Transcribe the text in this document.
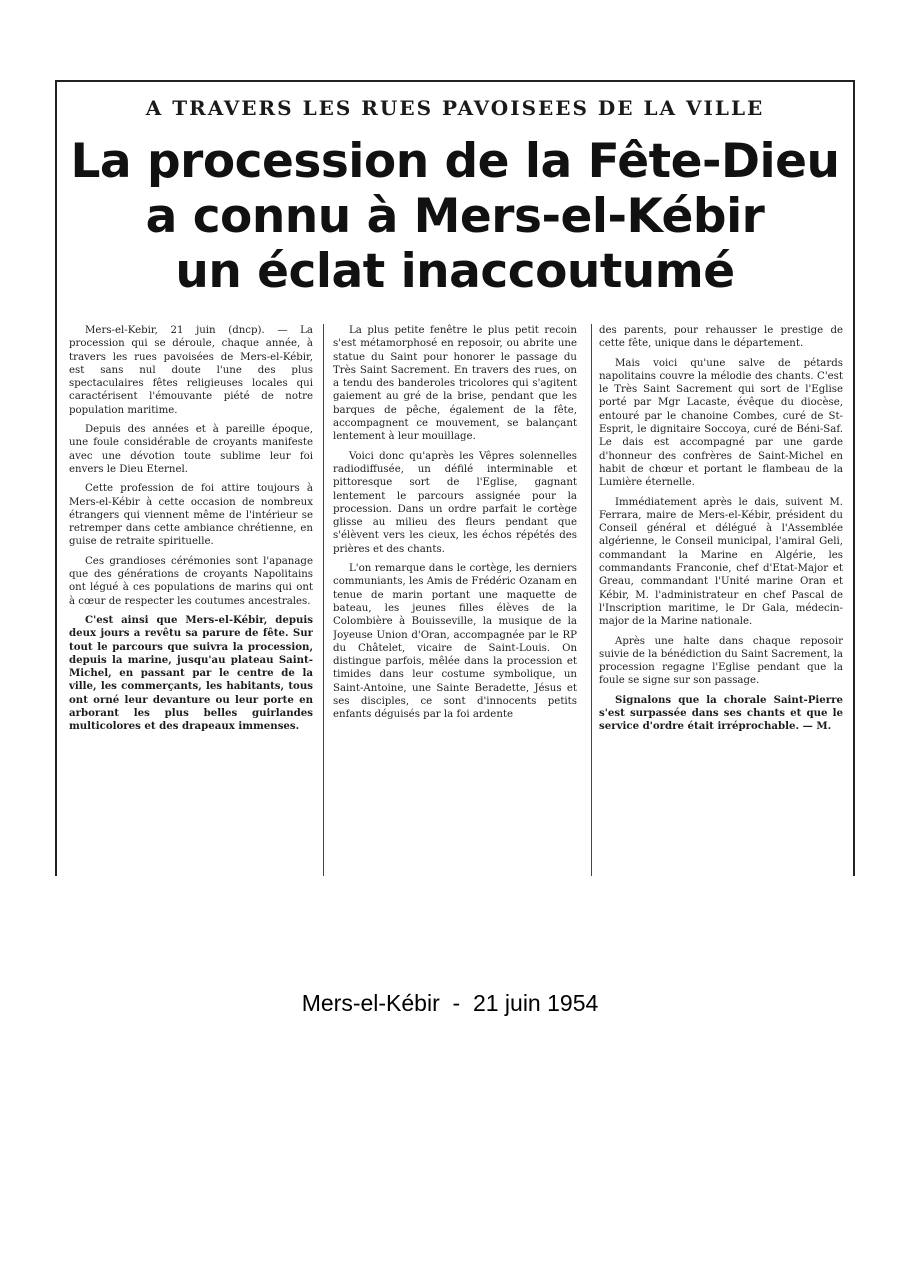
A TRAVERS LES RUES PAVOISEES DE LA VILLE
La procession de la Fête-Dieu
a connu à Mers-el-Kébir
un éclat inaccoutumé

Mers-el-Kebir, 21 juin (dncp). — La procession qui se déroule, chaque année, à travers les rues pavoisées de Mers-el-Kébir, est sans nul doute l'une des plus spectaculaires fêtes religieuses locales qui caractérisent l'émouvante piété de notre population maritime.

Depuis des années et à pareille époque, une foule considérable de croyants manifeste avec une dévotion toute sublime leur foi envers le Dieu Eternel.

Cette profession de foi attire toujours à Mers-el-Kébir à cette occasion de nombreux étrangers qui viennent même de l'intérieur se retremper dans cette ambiance chrétienne, en guise de retraite spirituelle.

Ces grandioses cérémonies sont l'apanage que des générations de croyants Napolitains ont légué à ces populations de marins qui ont à cœur de respecter les coutumes ancestrales.

C'est ainsi que Mers-el-Kébir, depuis deux jours a revêtu sa parure de fête. Sur tout le parcours que suivra la procession, depuis la marine, jusqu'au plateau Saint-Michel, en passant par le centre de la ville, les commerçants, les habitants, tous ont orné leur devanture ou leur porte en arborant les plus belles guirlandes multicolores et des drapeaux immenses.

La plus petite fenêtre le plus petit recoin s'est métamorphosé en reposoir, ou abrite une statue du Saint pour honorer le passage du Très Saint Sacrement. En travers des rues, on a tendu des banderoles tricolores qui s'agitent gaiement au gré de la brise, pendant que les barques de pêche, également de la fête, accompagnent ce mouvement, se balançant lentement à leur mouillage.

Voici donc qu'après les Vêpres solennelles radiodiffusée, un défilé interminable et pittoresque sort de l'Eglise, gagnant lentement le parcours assignée pour la procession. Dans un ordre parfait le cortège glisse au milieu des fleurs pendant que s'élèvent vers les cieux, les échos répétés des prières et des chants.

L'on remarque dans le cortège, les derniers communiants, les Amis de Frédéric Ozanam en tenue de marin portant une maquette de bateau, les jeunes filles élèves de la Colombière à Bouisseville, la musique de la Joyeuse Union d'Oran, accompagnée par le RP du Châtelet, vicaire de Saint-Louis. On distingue parfois, mêlée dans la procession et timides dans leur costume symbolique, un Saint-Antoine, une Sainte Beradette, Jésus et ses disciples, ce sont d'innocents petits enfants déguisés par la foi ardente

des parents, pour rehausser le prestige de cette fête, unique dans le département.

Mais voici qu'une salve de pétards napolitains couvre la mélodie des chants. C'est le Très Saint Sacrement qui sort de l'Eglise porté par Mgr Lacaste, évêque du diocèse, entouré par le chanoine Combes, curé de St-Esprit, le dignitaire Soccoya, curé de Béni-Saf. Le dais est accompagné par une garde d'honneur des confrères de Saint-Michel en habit de chœur et portant le flambeau de la Lumière éternelle.

Immédiatement après le dais, suivent M. Ferrara, maire de Mers-el-Kébir, président du Conseil général et délégué à l'Assemblée algérienne, le Conseil municipal, l'amiral Geli, commandant la Marine en Algérie, les commandants Franconie, chef d'Etat-Major et Greau, commandant l'Unité marine Oran et Kébir, M. l'administrateur en chef Pascal de l'Inscription maritime, le Dr Gala, médecin-major de la Marine nationale.

Après une halte dans chaque reposoir suivie de la bénédiction du Saint Sacrement, la procession regagne l'Eglise pendant que la foule se signe sur son passage.

Signalons que la chorale Saint-Pierre s'est surpassée dans ses chants et que le service d'ordre était irréprochable. — M.

Mers-el-Kébir  -  21 juin 1954
